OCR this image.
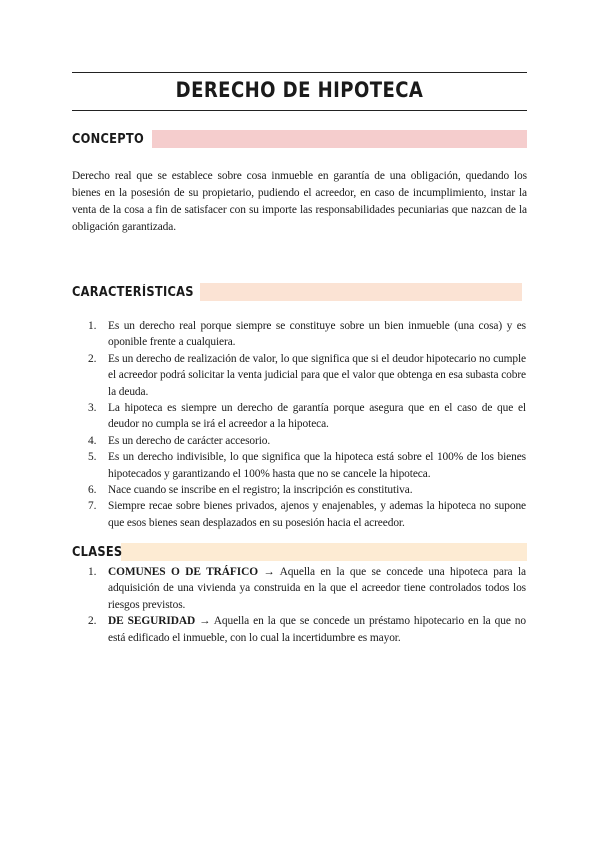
DERECHO DE HIPOTECA
CONCEPTO
Derecho real que se establece sobre cosa inmueble en garantía de una obligación, quedando los bienes en la posesión de su propietario, pudiendo el acreedor, en caso de incumplimiento, instar la venta de la cosa a fin de satisfacer con su importe las responsabilidades pecuniarias que nazcan de la obligación garantizada.
CARACTERÍSTICAS
1. Es un derecho real porque siempre se constituye sobre un bien inmueble (una cosa) y es oponible frente a cualquiera.
2. Es un derecho de realización de valor, lo que significa que si el deudor hipotecario no cumple el acreedor podrá solicitar la venta judicial para que el valor que obtenga en esa subasta cobre la deuda.
3. La hipoteca es siempre un derecho de garantía porque asegura que en el caso de que el deudor no cumpla se irá el acreedor a la hipoteca.
4. Es un derecho de carácter accesorio.
5. Es un derecho indivisible, lo que significa que la hipoteca está sobre el 100% de los bienes hipotecados y garantizando el 100% hasta que no se cancele la hipoteca.
6. Nace cuando se inscribe en el registro; la inscripción es constitutiva.
7. Siempre recae sobre bienes privados, ajenos y enajenables, y ademas la hipoteca no supone que esos bienes sean desplazados en su posesión hacia el acreedor.
CLASES
1. COMUNES O DE TRÁFICO → Aquella en la que se concede una hipoteca para la adquisición de una vivienda ya construida en la que el acreedor tiene controlados todos los riesgos previstos.
2. DE SEGURIDAD → Aquella en la que se concede un préstamo hipotecario en la que no está edificado el inmueble, con lo cual la incertidumbre es mayor.
